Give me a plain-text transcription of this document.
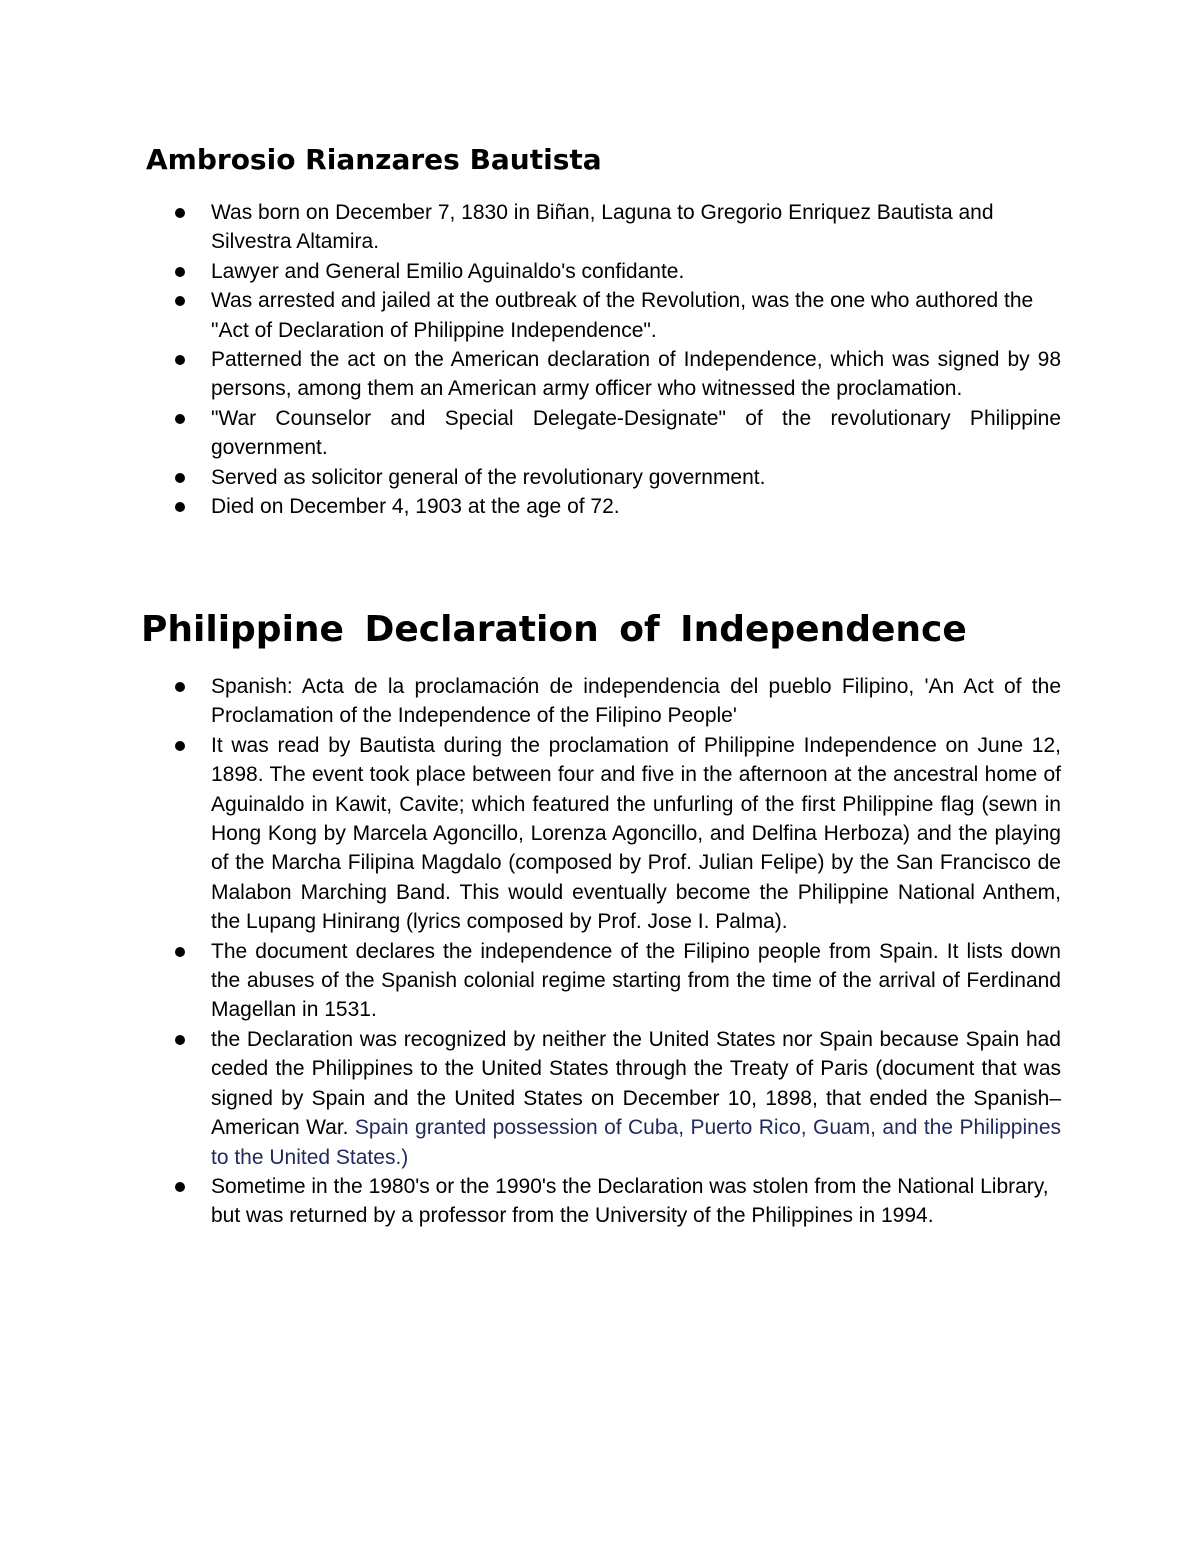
Ambrosio Rianzares Bautista
Was born on December 7, 1830 in Biñan, Laguna to Gregorio Enriquez Bautista and Silvestra Altamira.
Lawyer and General Emilio Aguinaldo's confidante.
Was arrested and jailed at the outbreak of the Revolution, was the one who authored the "Act of Declaration of Philippine Independence".
Patterned the act on the American declaration of Independence, which was signed by 98 persons, among them an American army officer who witnessed the proclamation.
"War Counselor and Special Delegate-Designate" of the revolutionary Philippine government.
Served as solicitor general of the revolutionary government.
Died on December 4, 1903 at the age of 72.
Philippine Declaration of Independence
Spanish: Acta de la proclamación de independencia del pueblo Filipino, 'An Act of the Proclamation of the Independence of the Filipino People'
It was read by Bautista during the proclamation of Philippine Independence on June 12, 1898. The event took place between four and five in the afternoon at the ancestral home of Aguinaldo in Kawit, Cavite; which featured the unfurling of the first Philippine flag (sewn in Hong Kong by Marcela Agoncillo, Lorenza Agoncillo, and Delfina Herboza) and the playing of the Marcha Filipina Magdalo (composed by Prof. Julian Felipe) by the San Francisco de Malabon Marching Band. This would eventually become the Philippine National Anthem, the Lupang Hinirang (lyrics composed by Prof. Jose I. Palma).
The document declares the independence of the Filipino people from Spain. It lists down the abuses of the Spanish colonial regime starting from the time of the arrival of Ferdinand Magellan in 1531.
the Declaration was recognized by neither the United States nor Spain because Spain had ceded the Philippines to the United States through the Treaty of Paris (document that was signed by Spain and the United States on December 10, 1898, that ended the Spanish–American War. Spain granted possession of Cuba, Puerto Rico, Guam, and the Philippines to the United States.)
Sometime in the 1980's or the 1990's the Declaration was stolen from the National Library, but was returned by a professor from the University of the Philippines in 1994.
